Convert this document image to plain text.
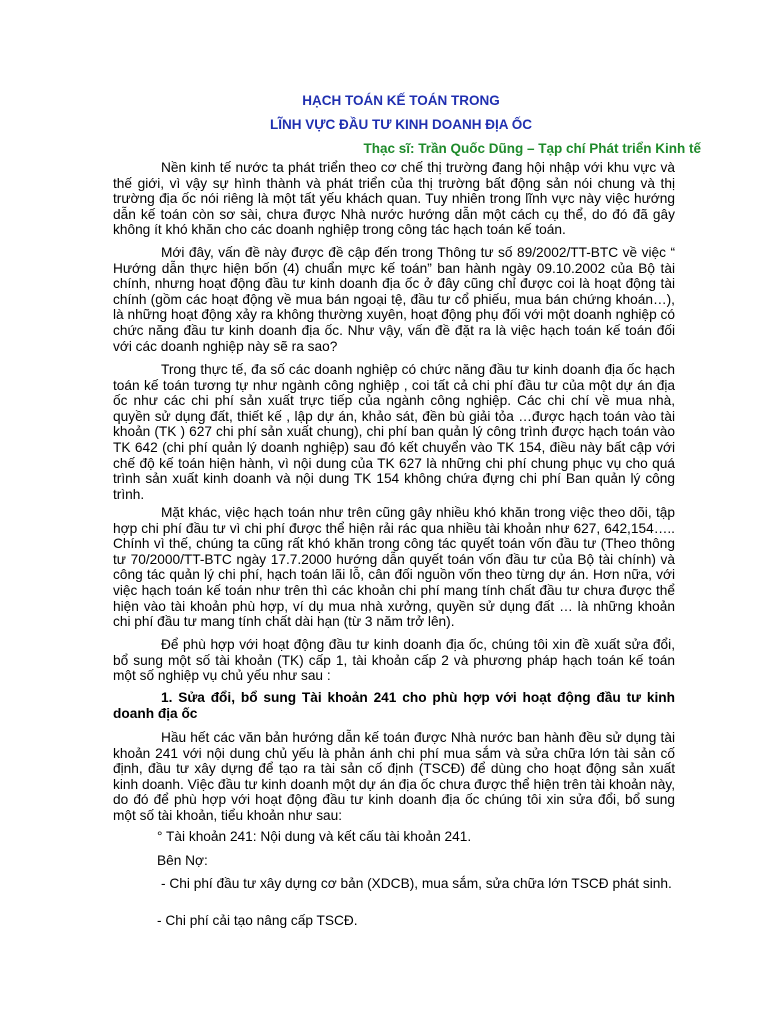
HẠCH TOÁN KẾ TOÁN TRONG
LĨNH VỰC ĐẦU TƯ KINH DOANH ĐỊA ỐC
Thạc sĩ: Trần Quốc Dũng – Tạp chí Phát triển Kinh tế

Nền kinh tế nước ta phát triển theo cơ chế thị trường đang hội nhập với khu vực và thế giới, vì vậy sự hình thành và phát triển của thị trường bất động sản nói chung và thị trường địa ốc nói riêng là một tất yếu khách quan. Tuy nhiên trong lĩnh vực này việc hướng dẫn kế toán còn sơ sài, chưa được Nhà nước hướng dẫn một cách cụ thể, do đó đã gây không ít khó khăn cho các doanh nghiệp trong công tác hạch toán kế toán.

Mới đây, vấn đề này được đề cập đến trong Thông tư số 89/2002/TT-BTC về việc “ Hướng dẫn thực hiện bốn (4) chuẩn mực kế toán” ban hành ngày 09.10.2002 của Bộ tài chính, nhưng hoạt động đầu tư kinh doanh địa ốc ở đây cũng chỉ được coi là hoạt động tài chính (gồm các hoạt động về mua bán ngoại tệ, đầu tư cổ phiếu, mua bán chứng khoán…), là những hoạt động xảy ra không thường xuyên, hoạt động phụ đối với một doanh nghiệp có chức năng đầu tư kinh doanh địa ốc. Như vậy, vấn đề đặt ra là việc hạch toán kế toán đối với các doanh nghiệp này sẽ ra sao?

Trong thực tế, đa số các doanh nghiệp có chức năng đầu tư kinh doanh địa ốc hạch toán kế toán tương tự như ngành công nghiệp , coi tất cả chi phí đầu tư của một dự án địa ốc như các chi phí sản xuất trực tiếp của ngành công nghiệp. Các chi chí về mua nhà, quyền sử dụng đất, thiết kế , lập dự án, khảo sát, đền bù giải tỏa …được hạch toán vào tài khoản (TK ) 627 chi phí sản xuất chung), chi phí ban quản lý công trình được hạch toán vào TK 642 (chi phí quản lý doanh nghiệp) sau đó kết chuyển vào TK 154, điều này bất cập với chế độ kế toán hiện hành, vì nội dung của TK 627 là những chi phí chung phục vụ cho quá trình sản xuất kinh doanh và nội dung TK 154 không chứa đựng chi phí Ban quản lý công trình.

Mặt khác, việc hạch toán như trên cũng gây nhiều khó khăn trong việc theo dõi, tập hợp chi phí đầu tư vì chi phí được thể hiện rải rác qua nhiều tài khoản như 627, 642,154….. Chính vì thế, chúng ta cũng rất khó khăn trong công tác quyết toán vốn đầu tư (Theo thông tư 70/2000/TT-BTC ngày 17.7.2000 hướng dẫn quyết toán vốn đầu tư của Bộ tài chính) và công tác quản lý chi phí, hạch toán lãi lỗ, cân đối nguồn vốn theo từng dự án. Hơn nữa, với việc hạch toán kế toán như trên thì các khoản chi phí mang tính chất đầu tư chưa được thể hiện vào tài khoản phù hợp, ví dụ mua nhà xưởng, quyền sử dụng đất … là những khoản chi phí đầu tư mang tính chất dài hạn (từ 3 năm trở lên).

Để phù hợp với hoạt động đầu tư kinh doanh địa ốc, chúng tôi xin đề xuất sửa đổi, bổ sung một số tài khoản (TK) cấp 1, tài khoản cấp 2 và phương pháp hạch toán kế toán một số nghiệp vụ chủ yếu như sau :

1. Sửa đổi, bổ sung Tài khoản 241 cho phù hợp với hoạt động đầu tư kinh doanh địa ốc

Hầu hết các văn bản hướng dẫn kế toán được Nhà nước ban hành đều sử dụng tài khoản 241 với nội dung chủ yếu là phản ánh chi phí mua sắm và sửa chữa lớn tài sản cố định, đầu tư xây dựng để tạo ra tài sản cố định (TSCĐ) để dùng cho hoạt động sản xuất kinh doanh. Việc đầu tư kinh doanh một dự án địa ốc chưa được thể hiện trên tài khoản này, do đó để phù hợp với hoạt động đầu tư kinh doanh địa ốc chúng tôi xin sửa đổi, bổ sung một số tài khoản, tiểu khoản như sau:

° Tài khoản 241: Nội dung và kết cấu tài khoản 241.

Bên Nợ:

- Chi phí đầu tư xây dựng cơ bản (XDCB), mua sắm, sửa chữa lớn TSCĐ phát sinh.

- Chi phí cải tạo nâng cấp TSCĐ.
